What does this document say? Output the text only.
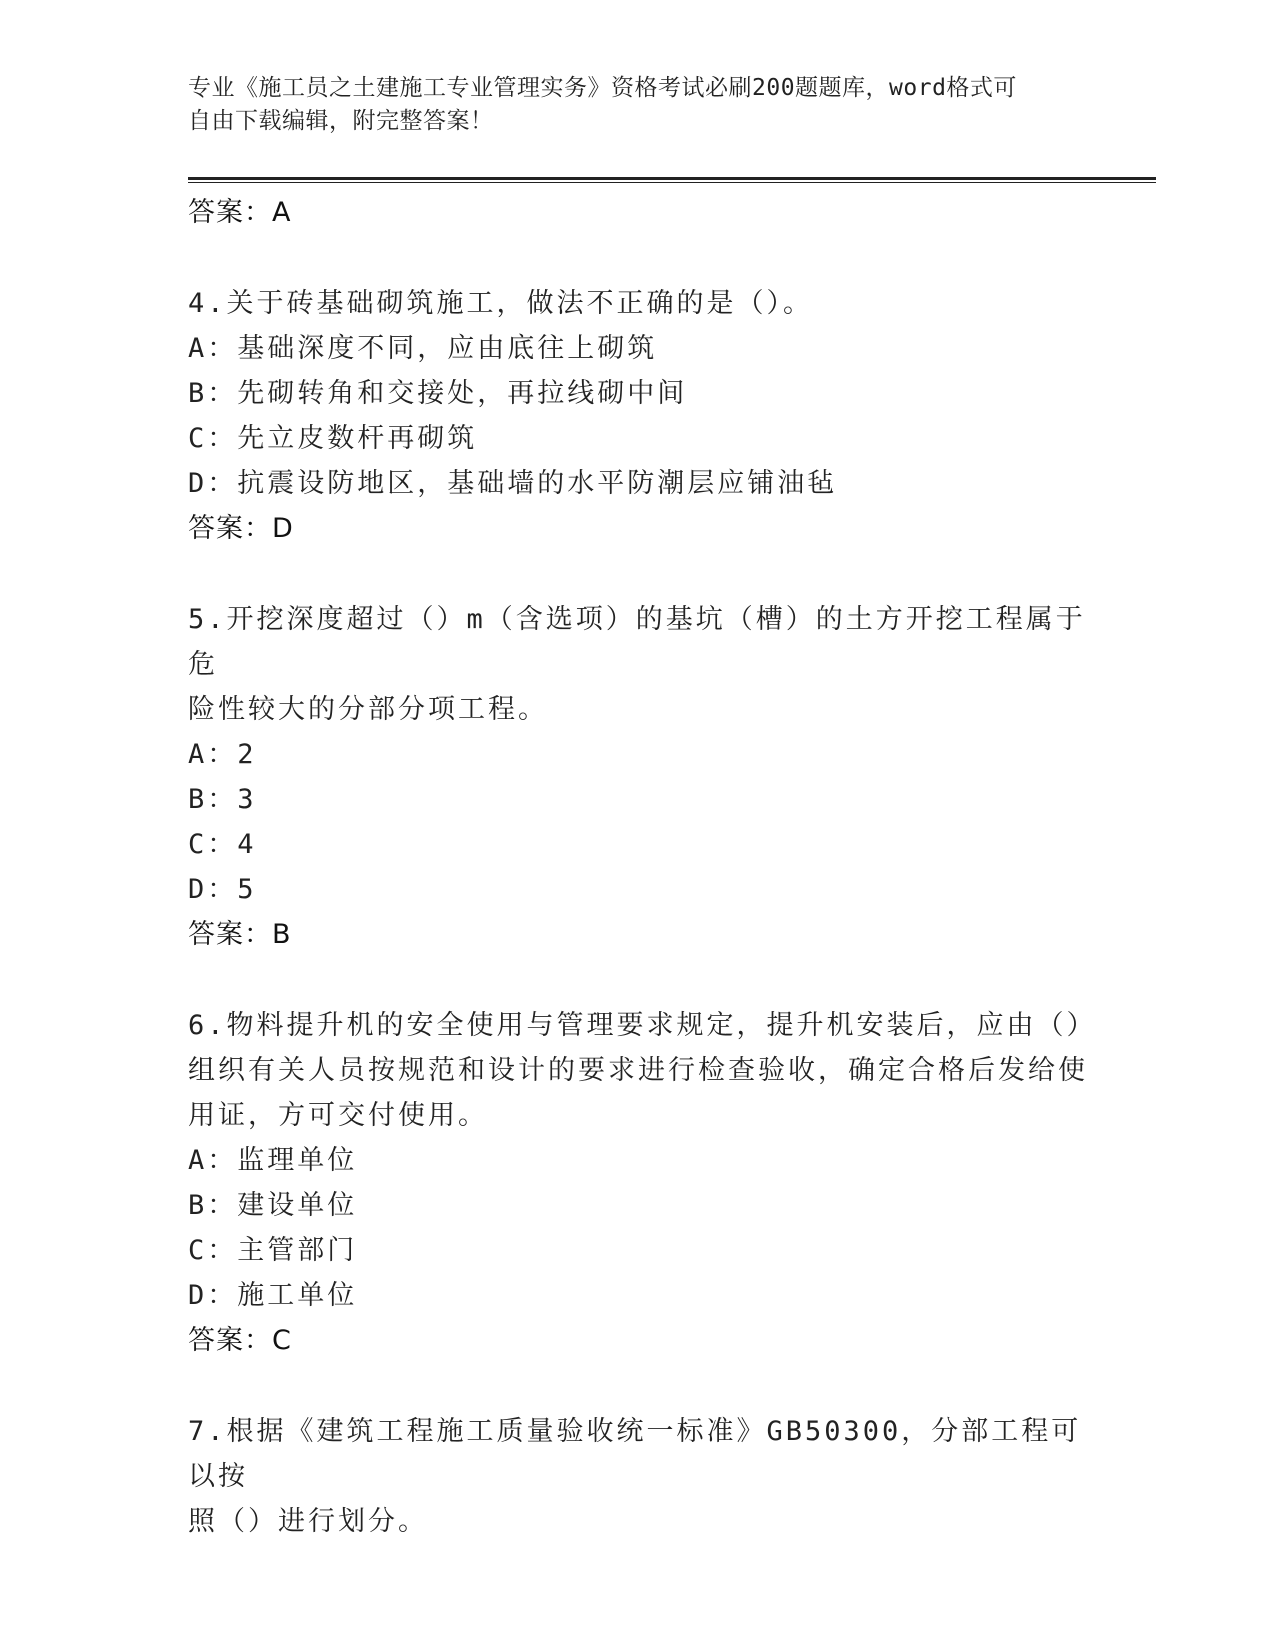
专业《施工员之土建施工专业管理实务》资格考试必刷200题题库，word格式可
自由下载编辑，附完整答案！
答案：A
4.关于砖基础砌筑施工，做法不正确的是（）。
A：基础深度不同，应由底往上砌筑
B：先砌转角和交接处，再拉线砌中间
C：先立皮数杆再砌筑
D：抗震设防地区，基础墙的水平防潮层应铺油毡
答案：D
5.开挖深度超过（）m（含选项）的基坑（槽）的土方开挖工程属于危
险性较大的分部分项工程。
A：2
B：3
C：4
D：5
答案：B
6.物料提升机的安全使用与管理要求规定，提升机安装后，应由（）
组织有关人员按规范和设计的要求进行检查验收，确定合格后发给使
用证，方可交付使用。
A：监理单位
B：建设单位
C：主管部门
D：施工单位
答案：C
7.根据《建筑工程施工质量验收统一标准》GB50300，分部工程可以按
照（）进行划分。
